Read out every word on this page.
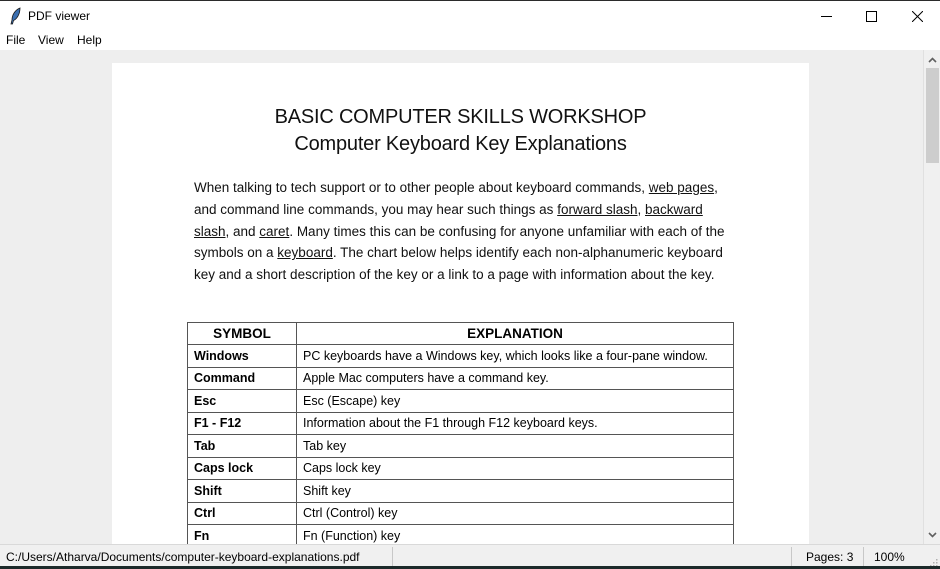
PDF viewer
File View Help
BASIC COMPUTER SKILLS WORKSHOP
Computer Keyboard Key Explanations

When talking to tech support or to other people about keyboard commands, web pages, and command line commands, you may hear such things as forward slash, backward slash, and caret. Many times this can be confusing for anyone unfamiliar with each of the symbols on a keyboard. The chart below helps identify each non-alphanumeric keyboard key and a short description of the key or a link to a page with information about the key.

SYMBOL	EXPLANATION
Windows	PC keyboards have a Windows key, which looks like a four-pane window.
Command	Apple Mac computers have a command key.
Esc	Esc (Escape) key
F1 - F12	Information about the F1 through F12 keyboard keys.
Tab	Tab key
Caps lock	Caps lock key
Shift	Shift key
Ctrl	Ctrl (Control) key
Fn	Fn (Function) key
C:/Users/Atharva/Documents/computer-keyboard-explanations.pdf	Pages: 3 100%
